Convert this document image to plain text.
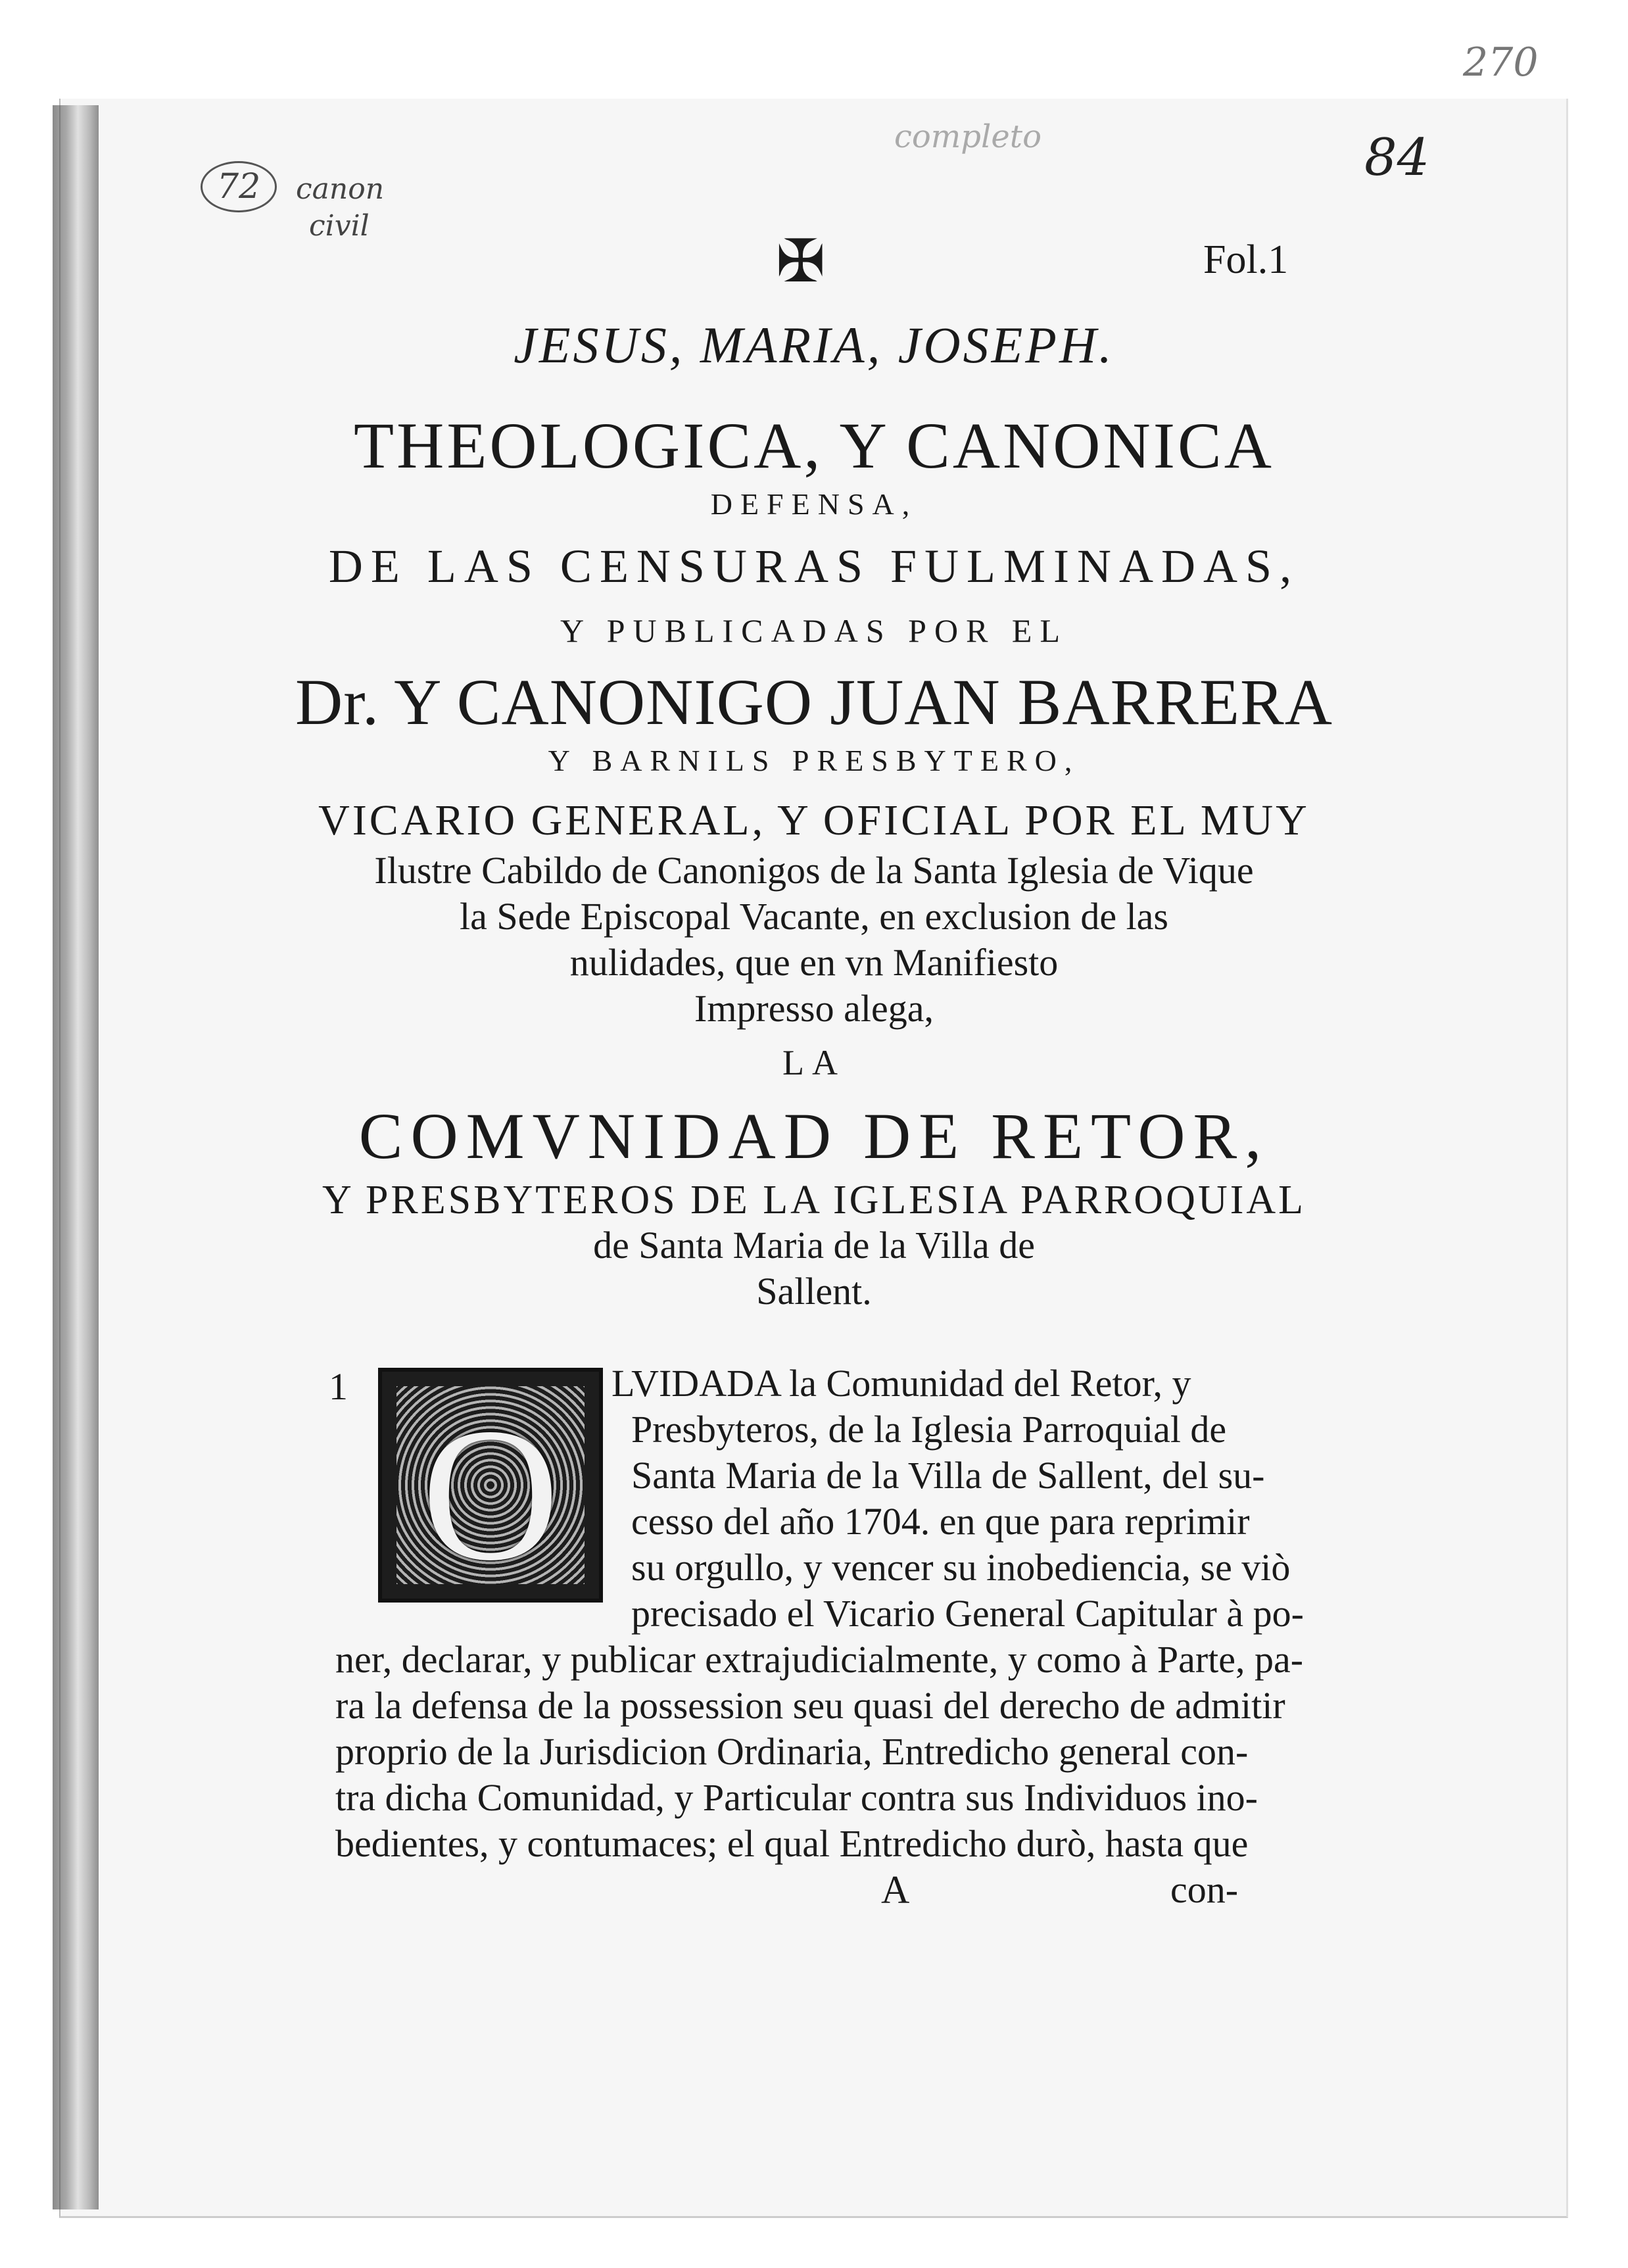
270
completo	84
72	canon
civil
✠	Fol.1
JESUS, MARIA, JOSEPH.
THEOLOGICA, Y CANONICA
DEFENSA,
DE LAS CENSURAS FULMINADAS,
Y PUBLICADAS POR EL
Dr. Y CANONIGO JUAN BARRERA
Y BARNILS PRESBYTERO,
VICARIO GENERAL, Y OFICIAL POR EL MUY
Ilustre Cabildo de Canonigos de la Santa Iglesia de Vique
la Sede Episcopal Vacante, en exclusion de las
nulidades, que en vn Manifiesto
Impresso alega,
LA
COMVNIDAD DE RETOR,
Y PRESBYTEROS DE LA IGLESIA PARROQUIAL
de Santa Maria de la Villa de
Sallent.
1
O
LVIDADA la Comunidad del Retor, y
Presbyteros, de la Iglesia Parroquial de
Santa Maria de la Villa de Sallent, del su-
cesso del año 1704. en que para reprimir
su orgullo, y vencer su inobediencia, se viò
precisado el Vicario General Capitular à po-
ner, declarar, y publicar extrajudicialmente, y como à Parte, pa-
ra la defensa de la possession seu quasi del derecho de admitir
proprio de la Jurisdicion Ordinaria, Entredicho general con-
tra dicha Comunidad, y Particular contra sus Individuos ino-
bedientes, y contumaces; el qual Entredicho durò, hasta que
A	con-
